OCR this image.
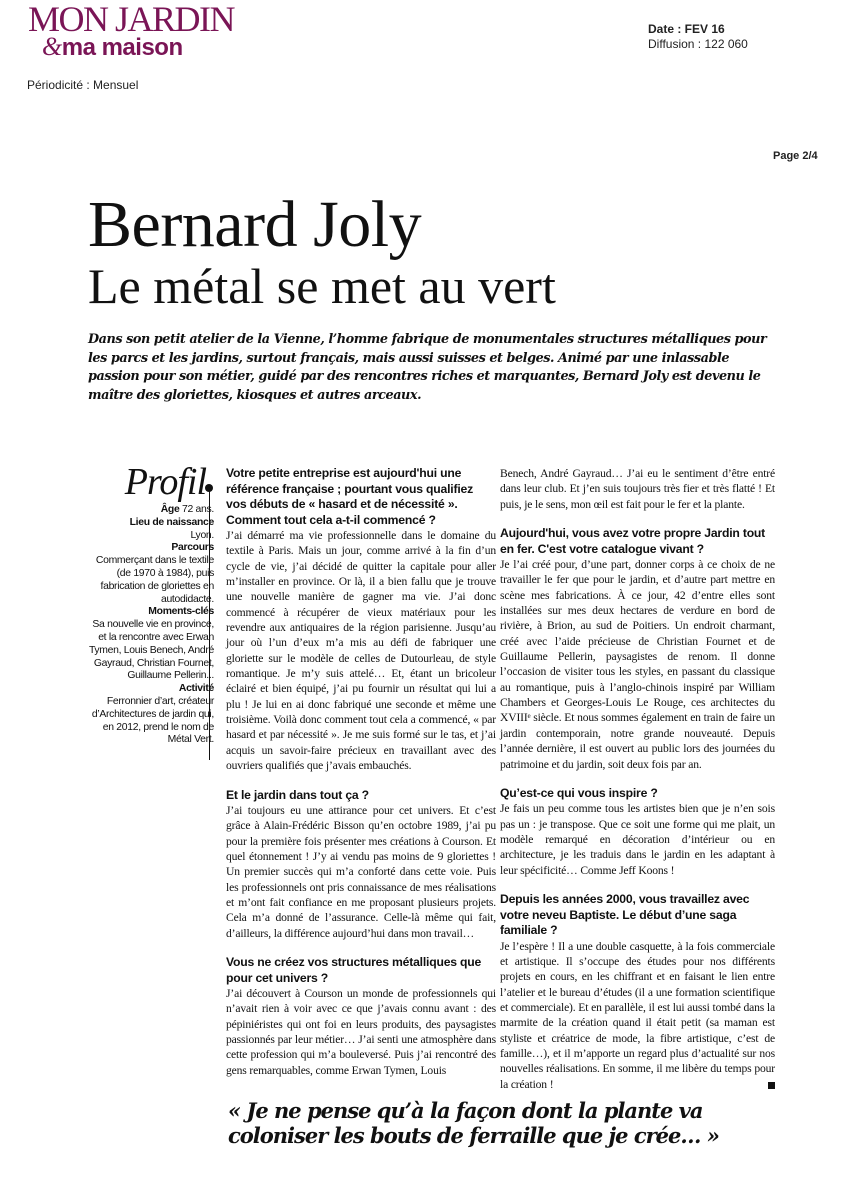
MON JARDIN
&ma maison
Périodicité : Mensuel
Date : FEV 16
Diffusion : 122 060
Page 2/4
Bernard Joly
Le métal se met au vert
Dans son petit atelier de la Vienne, l’homme fabrique de monumentales structures métalliques pour les parcs et les jardins, surtout français, mais aussi suisses et belges. Animé par une inlassable passion pour son métier, guidé par des rencontres riches et marquantes, Bernard Joly est devenu le maître des gloriettes, kiosques et autres arceaux.
Profil
Âge 72 ans.
Lieu de naissance
Lyon.
Parcours
Commerçant dans le textile (de 1970 à 1984), puis fabrication de gloriettes en autodidacte.
Moments-clés
Sa nouvelle vie en province, et la rencontre avec Erwan Tymen, Louis Benech, André Gayraud, Christian Fournet, Guillaume Pellerin...
Activité
Ferronnier d’art, créateur d’Architectures de jardin qui, en 2012, prend le nom de Métal Vert.
Votre petite entreprise est aujourd'hui une référence française ; pourtant vous qualifiez vos débuts de « hasard et de nécessité ». Comment tout cela a-t-il commencé ?

J’ai démarré ma vie professionnelle dans le domaine du textile à Paris. Mais un jour, comme arrivé à la fin d’un cycle de vie, j’ai décidé de quitter la capitale pour aller m’installer en province. Or là, il a bien fallu que je trouve une nouvelle manière de gagner ma vie. J’ai donc commencé à récupérer de vieux matériaux pour les revendre aux antiquaires de la région parisienne. Jusqu’au jour où l’un d’eux m’a mis au défi de fabriquer une gloriette sur le modèle de celles de Dutourleau, de style romantique. Je m’y suis attelé… Et, étant un bricoleur éclairé et bien équipé, j’ai pu fournir un résultat qui lui a plu ! Je lui en ai donc fabriqué une seconde et même une troisième. Voilà donc comment tout cela a commencé, « par hasard et par nécessité ». Je me suis formé sur le tas, et j’ai acquis un savoir-faire précieux en travaillant avec des ouvriers qualifiés que j’avais embauchés.

Et le jardin dans tout ça ?

J’ai toujours eu une attirance pour cet univers. Et c’est grâce à Alain-Frédéric Bisson qu’en octobre 1989, j’ai pu pour la première fois présenter mes créations à Courson. Et quel étonnement ! J’y ai vendu pas moins de 9 gloriettes ! Un premier succès qui m’a conforté dans cette voie. Puis les professionnels ont pris connaissance de mes réalisations et m’ont fait confiance en me proposant plusieurs projets. Cela m’a donné de l’assurance. Celle-là même qui fait, d’ailleurs, la différence aujourd’hui dans mon travail…

Vous ne créez vos structures métalliques que pour cet univers ?

J’ai découvert à Courson un monde de professionnels qui n’avait rien à voir avec ce que j’avais connu avant : des pépiniéristes qui ont foi en leurs produits, des paysagistes passionnés par leur métier… J’ai senti une atmosphère dans cette profession qui m’a bouleversé. Puis j’ai rencontré des gens remarquables, comme Erwan Tymen, Louis

Benech, André Gayraud… J’ai eu le sentiment d’être entré dans leur club. Et j’en suis toujours très fier et très flatté ! Et puis, je le sens, mon œil est fait pour le fer et la plante.

Aujourd'hui, vous avez votre propre Jardin tout en fer. C'est votre catalogue vivant ?

Je l’ai créé pour, d’une part, donner corps à ce choix de ne travailler le fer que pour le jardin, et d’autre part mettre en scène mes fabrications. À ce jour, 42 d’entre elles sont installées sur mes deux hectares de verdure en bord de rivière, à Brion, au sud de Poitiers. Un endroit charmant, créé avec l’aide précieuse de Christian Fournet et de Guillaume Pellerin, paysagistes de renom. Il donne l’occasion de visiter tous les styles, en passant du classique au romantique, puis à l’anglo-chinois inspiré par William Chambers et Georges-Louis Le Rouge, ces architectes du XVIIIᵉ siècle. Et nous sommes également en train de faire un jardin contemporain, notre grande nouveauté. Depuis l’année dernière, il est ouvert au public lors des journées du patrimoine et du jardin, soit deux fois par an.

Qu’est-ce qui vous inspire ?

Je fais un peu comme tous les artistes bien que je n’en sois pas un : je transpose. Que ce soit une forme qui me plait, un modèle remarqué en décoration d’intérieur ou en architecture, je les traduis dans le jardin en les adaptant à leur spécificité… Comme Jeff Koons !

Depuis les années 2000, vous travaillez avec votre neveu Baptiste. Le début d’une saga familiale ?

Je l’espère ! Il a une double casquette, à la fois commerciale et artistique. Il s’occupe des études pour nos différents projets en cours, en les chiffrant et en faisant le lien entre l’atelier et le bureau d’études (il a une formation scientifique et commerciale). Et en parallèle, il est lui aussi tombé dans la marmite de la création quand il était petit (sa maman est styliste et créatrice de mode, la fibre artistique, c’est de famille…), et il m’apporte un regard plus d’actualité sur nos nouvelles réalisations. En somme, il me libère du temps pour la création !

« Je ne pense qu’à la façon dont la plante va coloniser les bouts de ferraille que je crée… »
